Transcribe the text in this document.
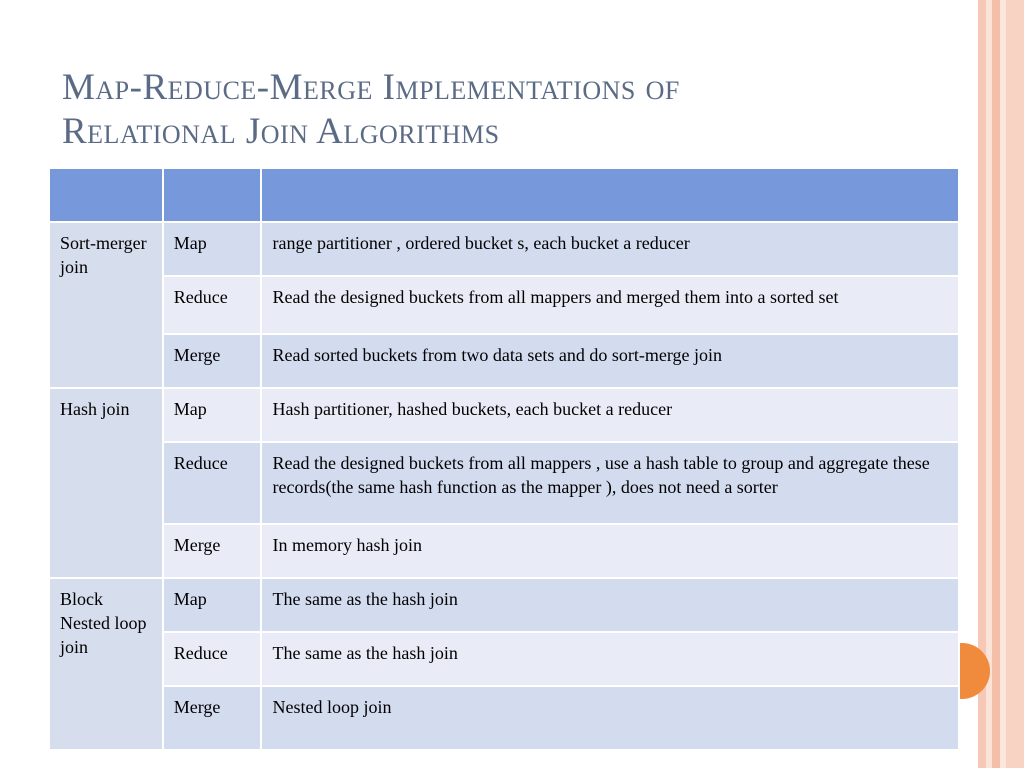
Map-Reduce-Merge Implementations of
Relational Join Algorithms

Sort-merger join	Map	range partitioner , ordered bucket s, each bucket a reducer
	Reduce	Read the designed buckets from all mappers and merged them into a sorted set
	Merge	Read sorted buckets from two data sets and do sort-merge join
Hash join	Map	Hash partitioner, hashed buckets, each bucket a reducer
	Reduce	Read the designed buckets from all mappers , use a hash table to group and aggregate these records(the same hash function as the mapper ), does not need a sorter
	Merge	In memory hash join
Block Nested loop join	Map	The same as the hash join
	Reduce	The same as the hash join
	Merge	Nested loop join
